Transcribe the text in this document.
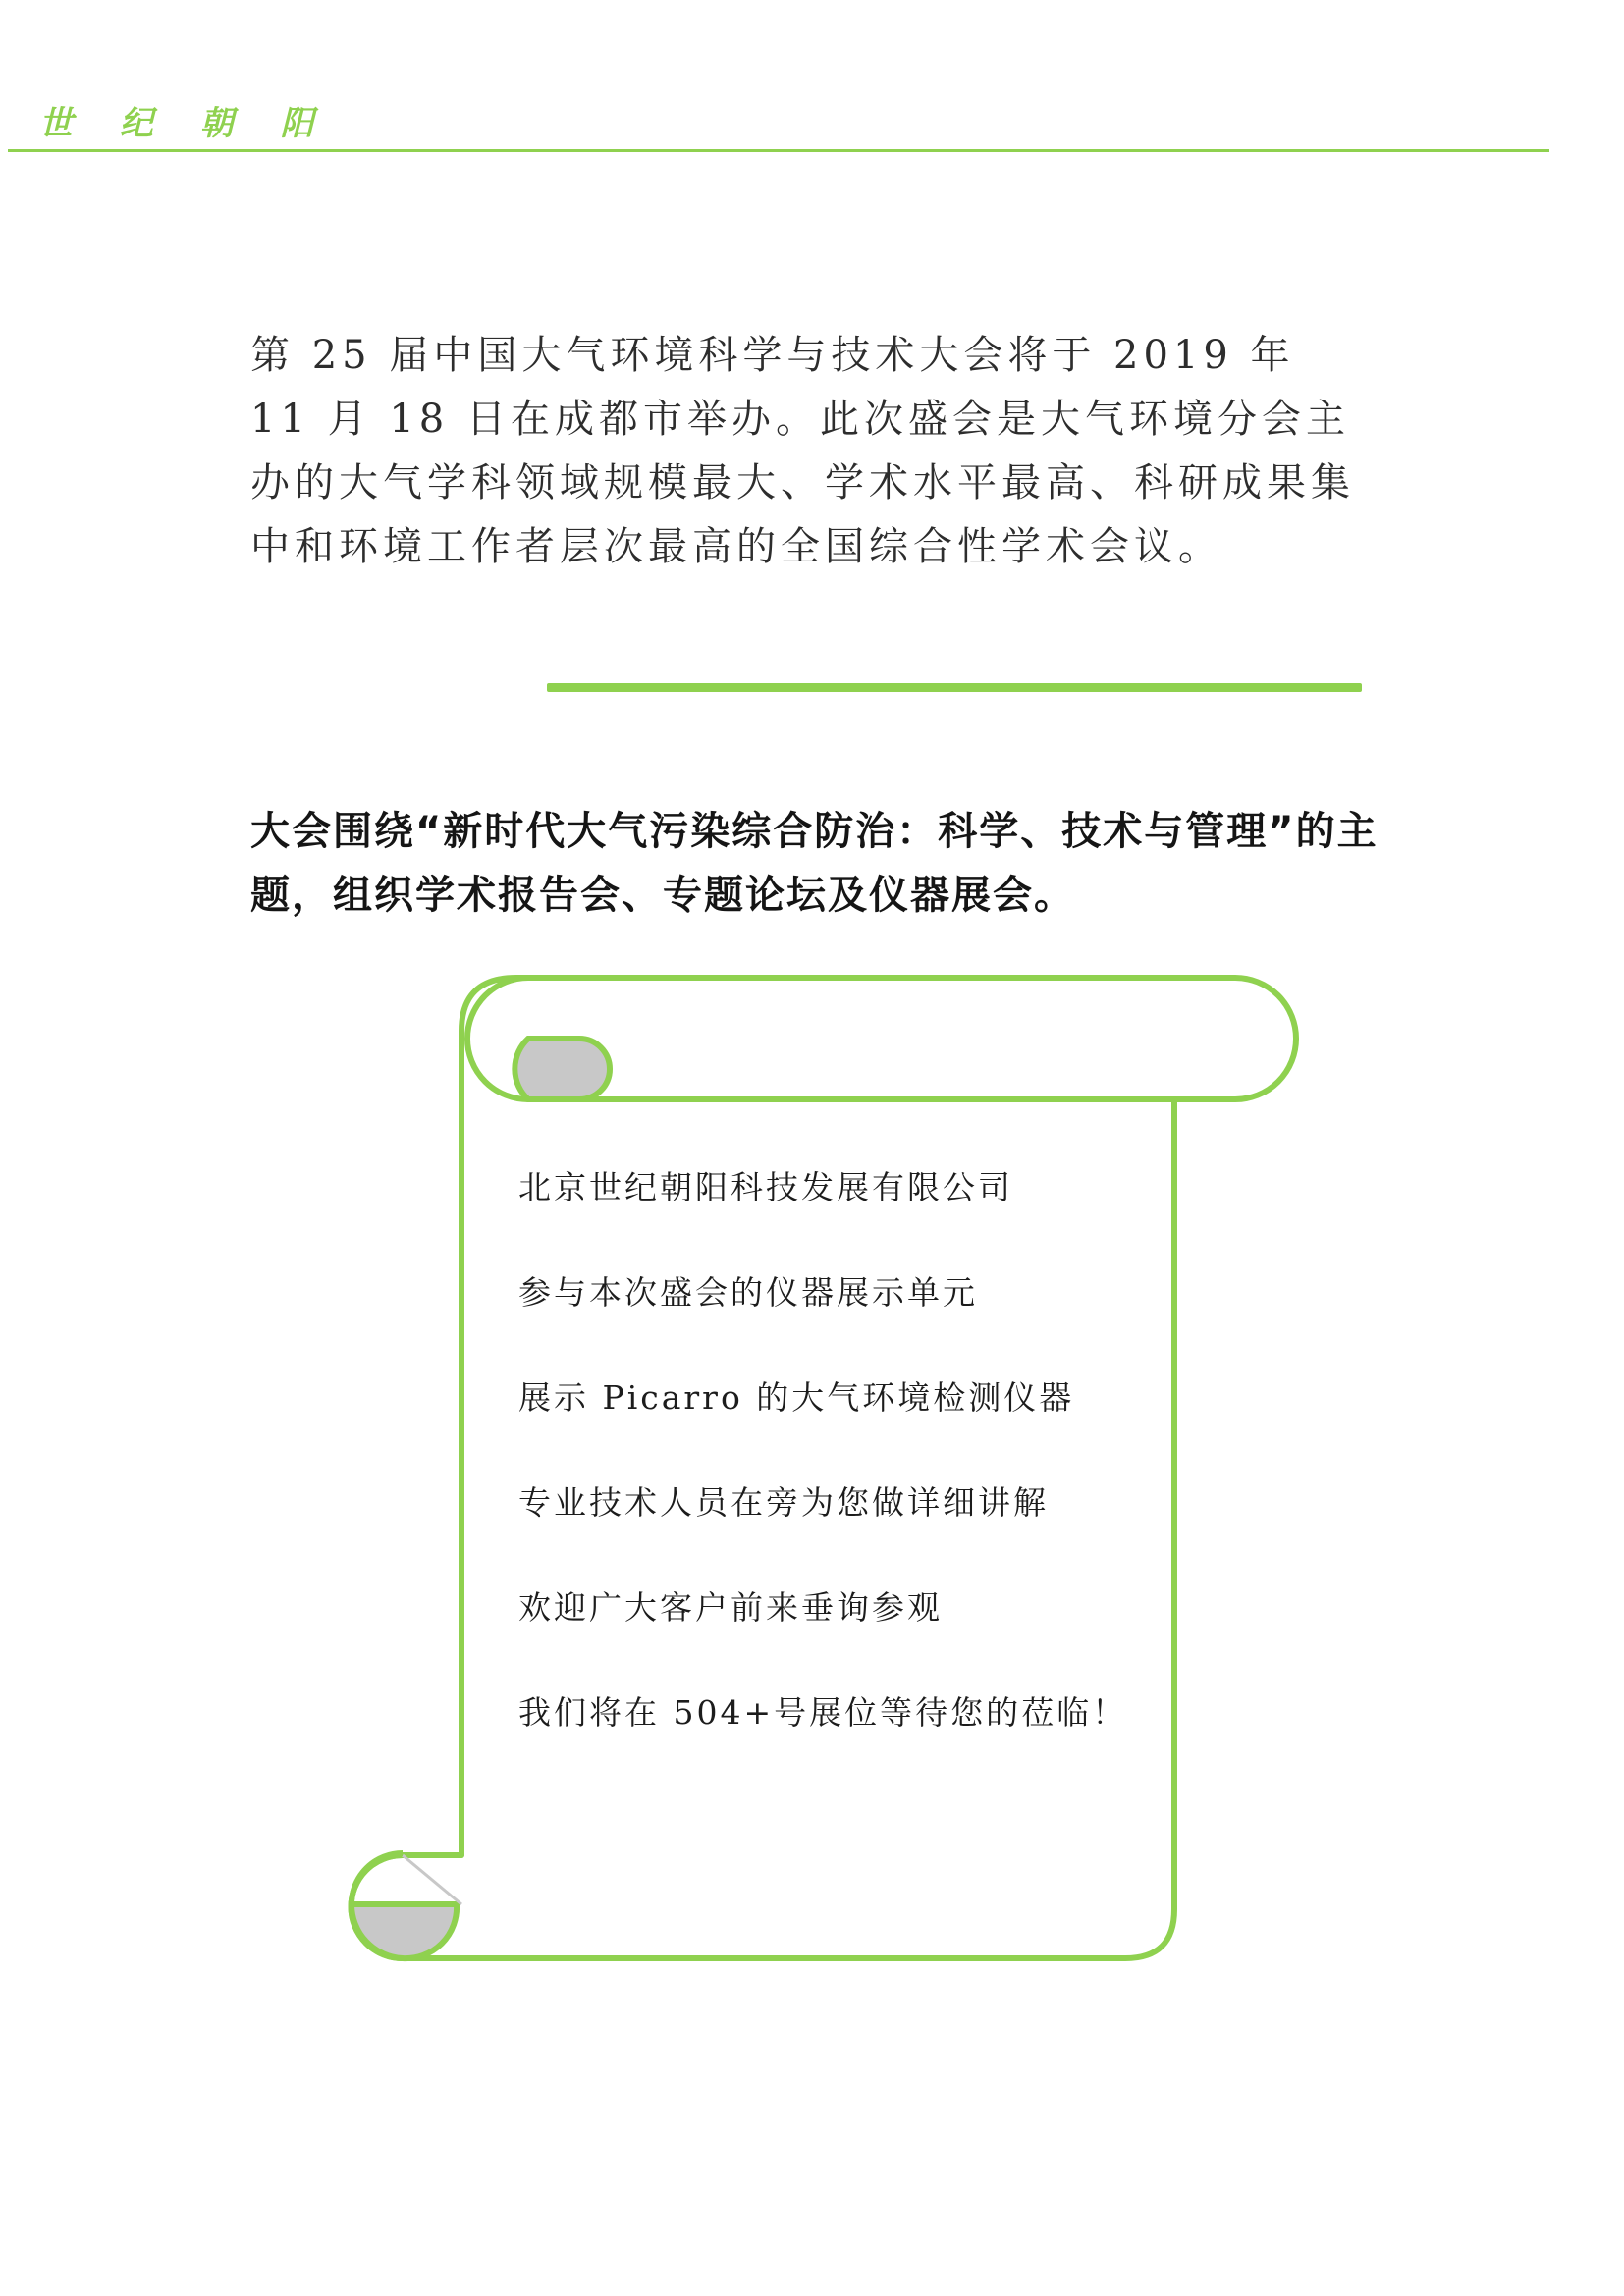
世 纪 朝 阳

第 25 届中国大气环境科学与技术大会将于 2019 年 11 月 18 日在成都市举办。此次盛会是大气环境分会主办的大气学科领域规模最大、学术水平最高、科研成果集中和环境工作者层次最高的全国综合性学术会议。

大会围绕“新时代大气污染综合防治：科学、技术与管理”的主题，组织学术报告会、专题论坛及仪器展会。

北京世纪朝阳科技发展有限公司
参与本次盛会的仪器展示单元
展示 Picarro 的大气环境检测仪器
专业技术人员在旁为您做详细讲解
欢迎广大客户前来垂询参观
我们将在 504+号展位等待您的莅临！
